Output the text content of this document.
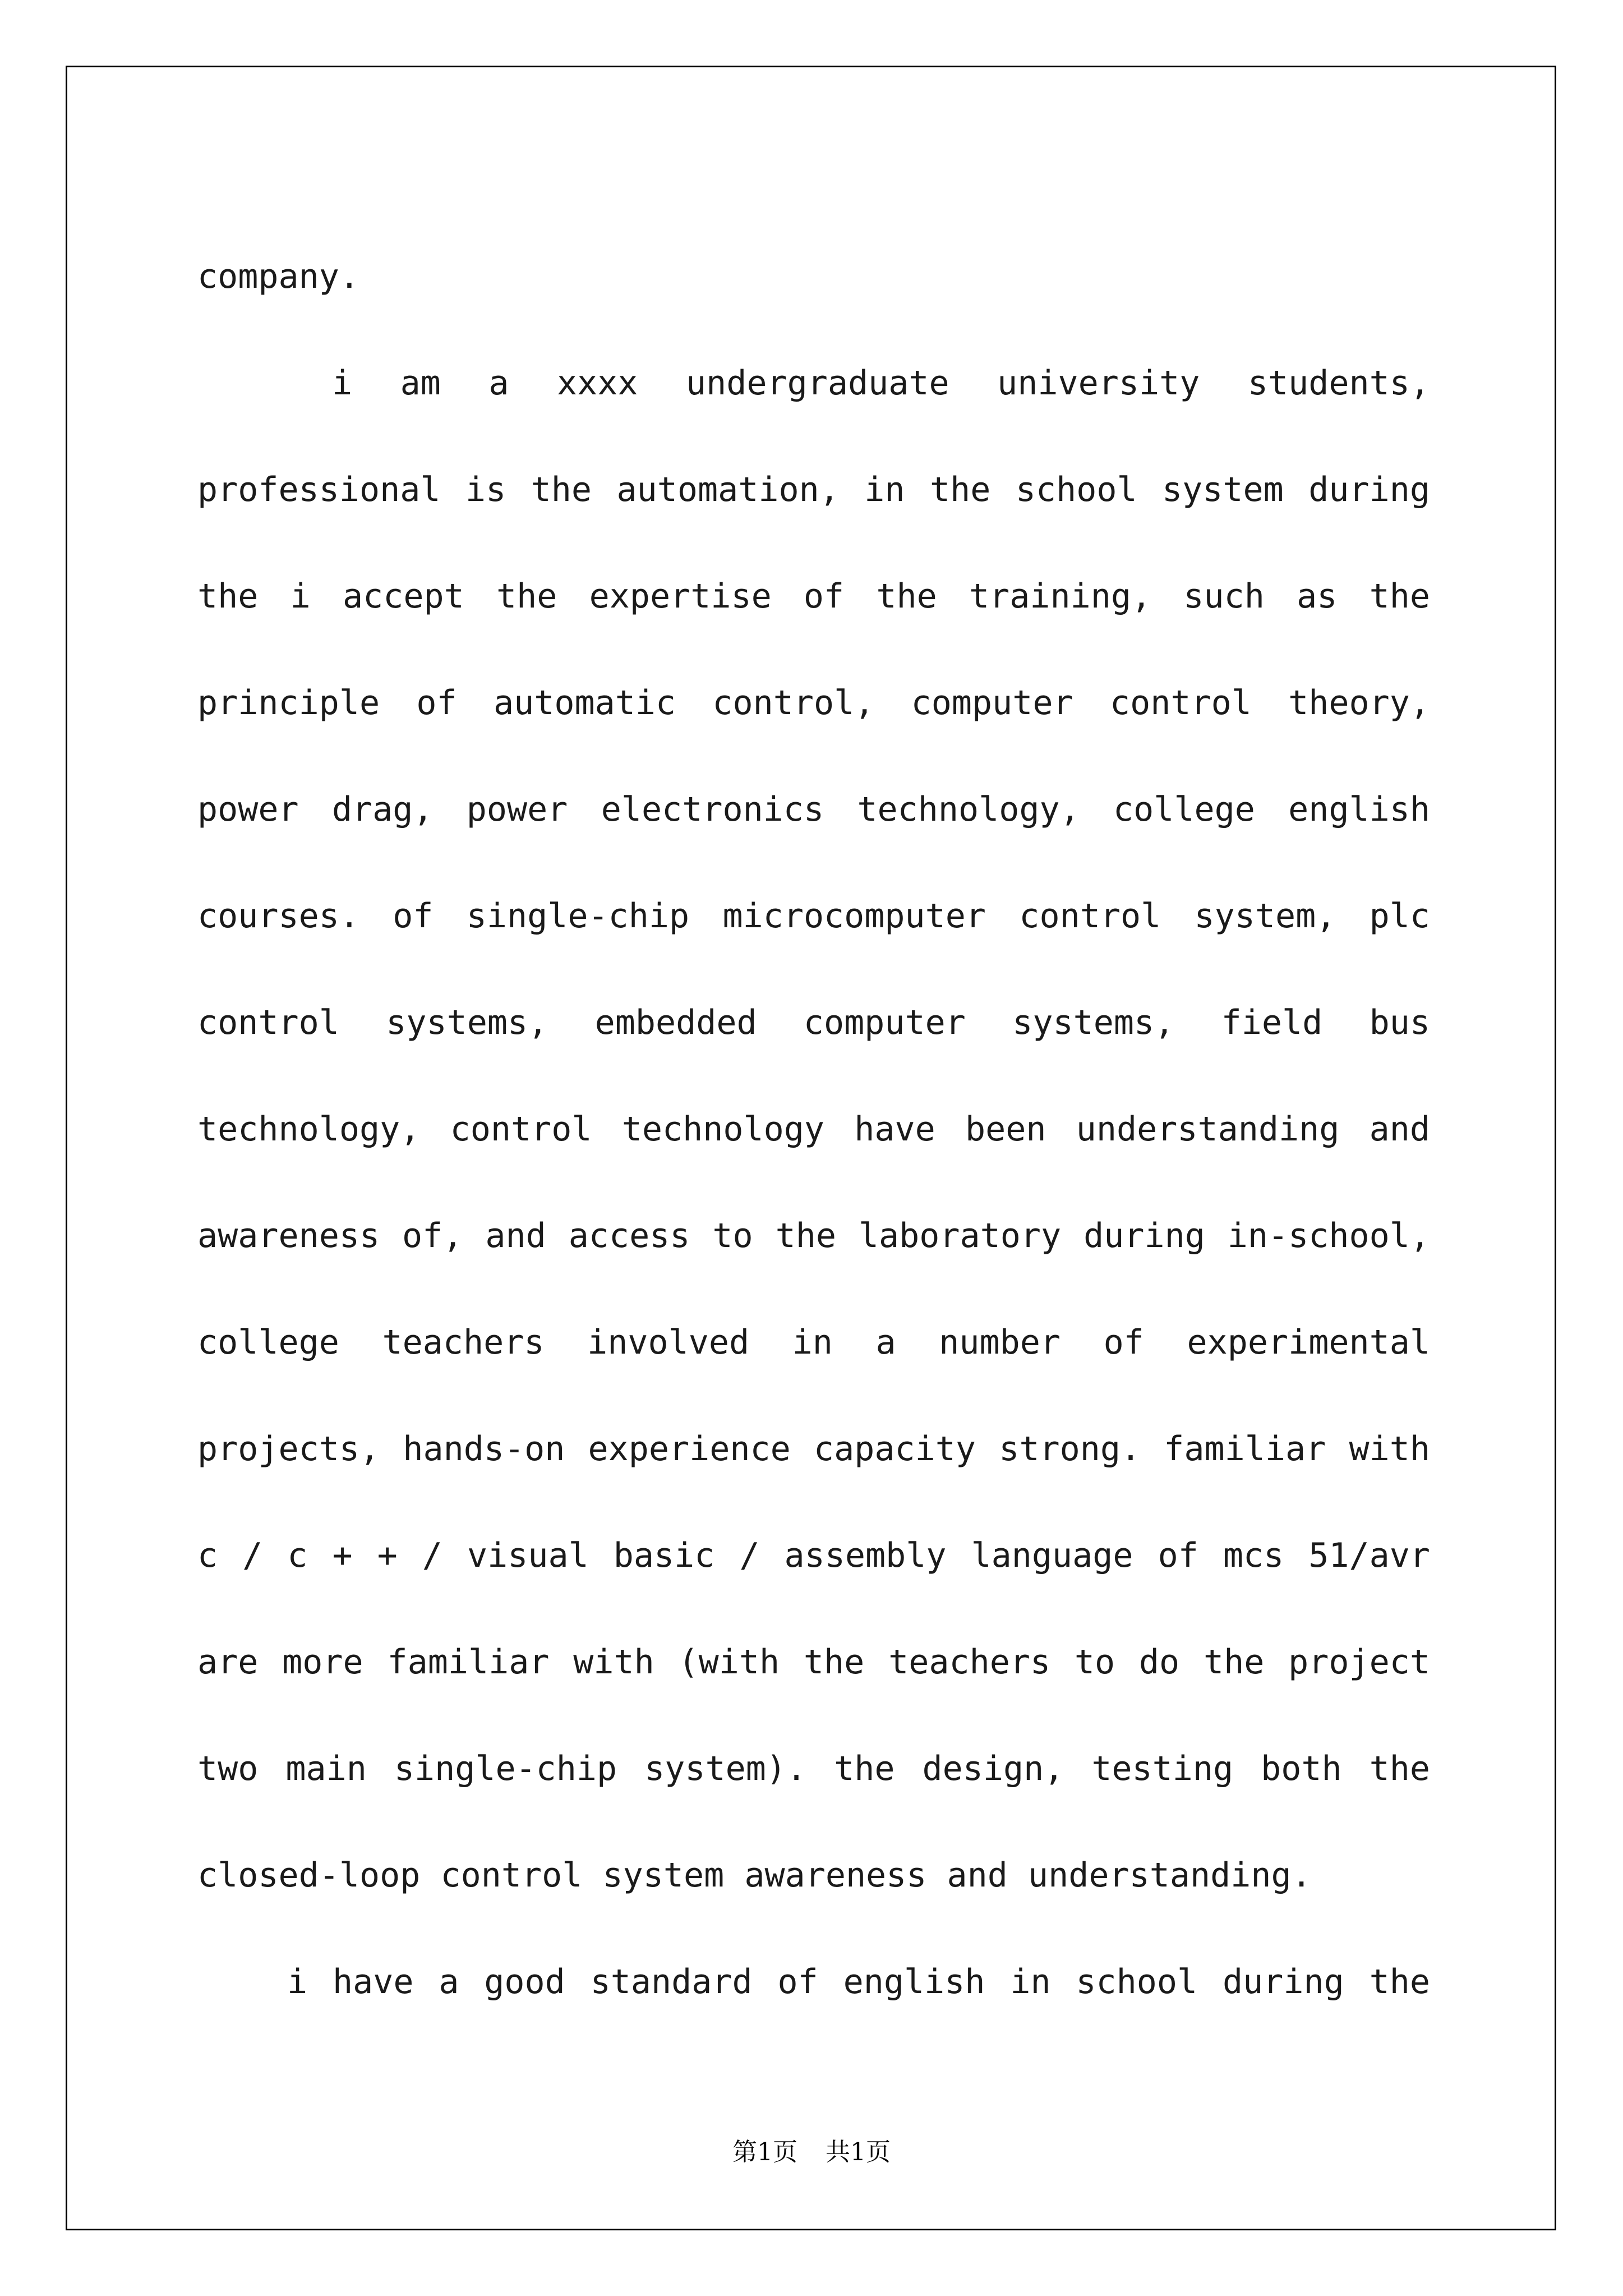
company.
i am a xxxx undergraduate university students,
professional is the automation, in the school system during
the i accept the expertise of the training, such as the
principle of automatic control, computer control theory,
power drag, power electronics technology, college english
courses. of single-chip microcomputer control system, plc
control systems, embedded computer systems, field bus
technology, control technology have been understanding and
awareness of, and access to the laboratory during in-school,
college teachers involved in a number of experimental
projects, hands-on experience capacity strong. familiar with
c / c + + / visual basic / assembly language of mcs 51/avr
are more familiar with (with the teachers to do the project
two main single-chip system). the design, testing both the
closed-loop control system awareness and understanding.
i have a good standard of english in school during the
第1页 共1页
